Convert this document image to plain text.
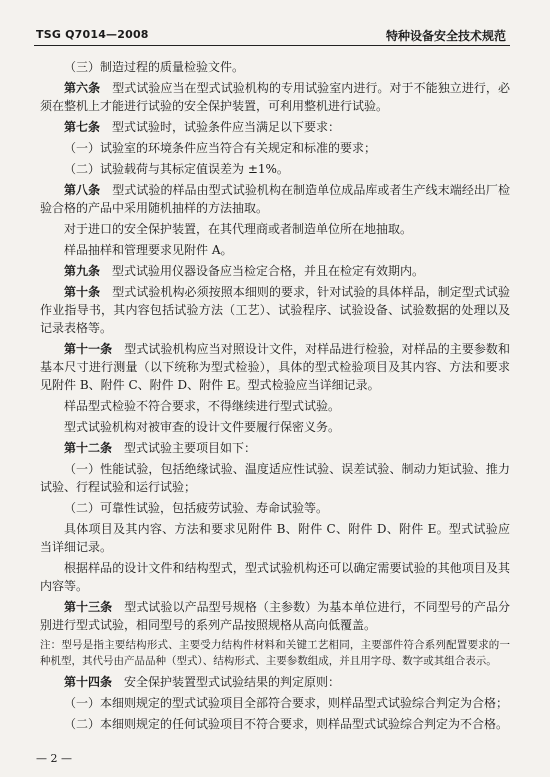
TSG Q7014—2008	特种设备安全技术规范

（三）制造过程的质量检验文件。

第六条　型式试验应当在型式试验机构的专用试验室内进行。对于不能独立进行，必须在整机上才能进行试验的安全保护装置，可利用整机进行试验。

第七条　型式试验时，试验条件应当满足以下要求：

（一）试验室的环境条件应当符合有关规定和标准的要求；

（二）试验载荷与其标定值误差为 ±1%。

第八条　型式试验的样品由型式试验机构在制造单位成品库或者生产线末端经出厂检验合格的产品中采用随机抽样的方法抽取。

对于进口的安全保护装置，在其代理商或者制造单位所在地抽取。

样品抽样和管理要求见附件 A。

第九条　型式试验用仪器设备应当检定合格，并且在检定有效期内。

第十条　型式试验机构必须按照本细则的要求，针对试验的具体样品，制定型式试验作业指导书，其内容包括试验方法（工艺）、试验程序、试验设备、试验数据的处理以及记录表格等。

第十一条　型式试验机构应当对照设计文件，对样品进行检验，对样品的主要参数和基本尺寸进行测量（以下统称为型式检验），具体的型式检验项目及其内容、方法和要求见附件 B、附件 C、附件 D、附件 E。型式检验应当详细记录。

样品型式检验不符合要求，不得继续进行型式试验。

型式试验机构对被审查的设计文件要履行保密义务。

第十二条　型式试验主要项目如下：

（一）性能试验，包括绝缘试验、温度适应性试验、误差试验、制动力矩试验、推力试验、行程试验和运行试验；

（二）可靠性试验，包括疲劳试验、寿命试验等。

具体项目及其内容、方法和要求见附件 B、附件 C、附件 D、附件 E。型式试验应当详细记录。

根据样品的设计文件和结构型式，型式试验机构还可以确定需要试验的其他项目及其内容等。

第十三条　型式试验以产品型号规格（主参数）为基本单位进行，不同型号的产品分别进行型式试验，相同型号的系列产品按照规格从高向低覆盖。

注：型号是指主要结构形式、主要受力结构件材料和关键工艺相同，主要部件符合系列配置要求的一种机型，其代号由产品品种（型式）、结构形式、主要参数组成，并且用字母、数字或其组合表示。

第十四条　安全保护装置型式试验结果的判定原则：

（一）本细则规定的型式试验项目全部符合要求，则样品型式试验综合判定为合格；

（二）本细则规定的任何试验项目不符合要求，则样品型式试验综合判定为不合格。

— 2 —
